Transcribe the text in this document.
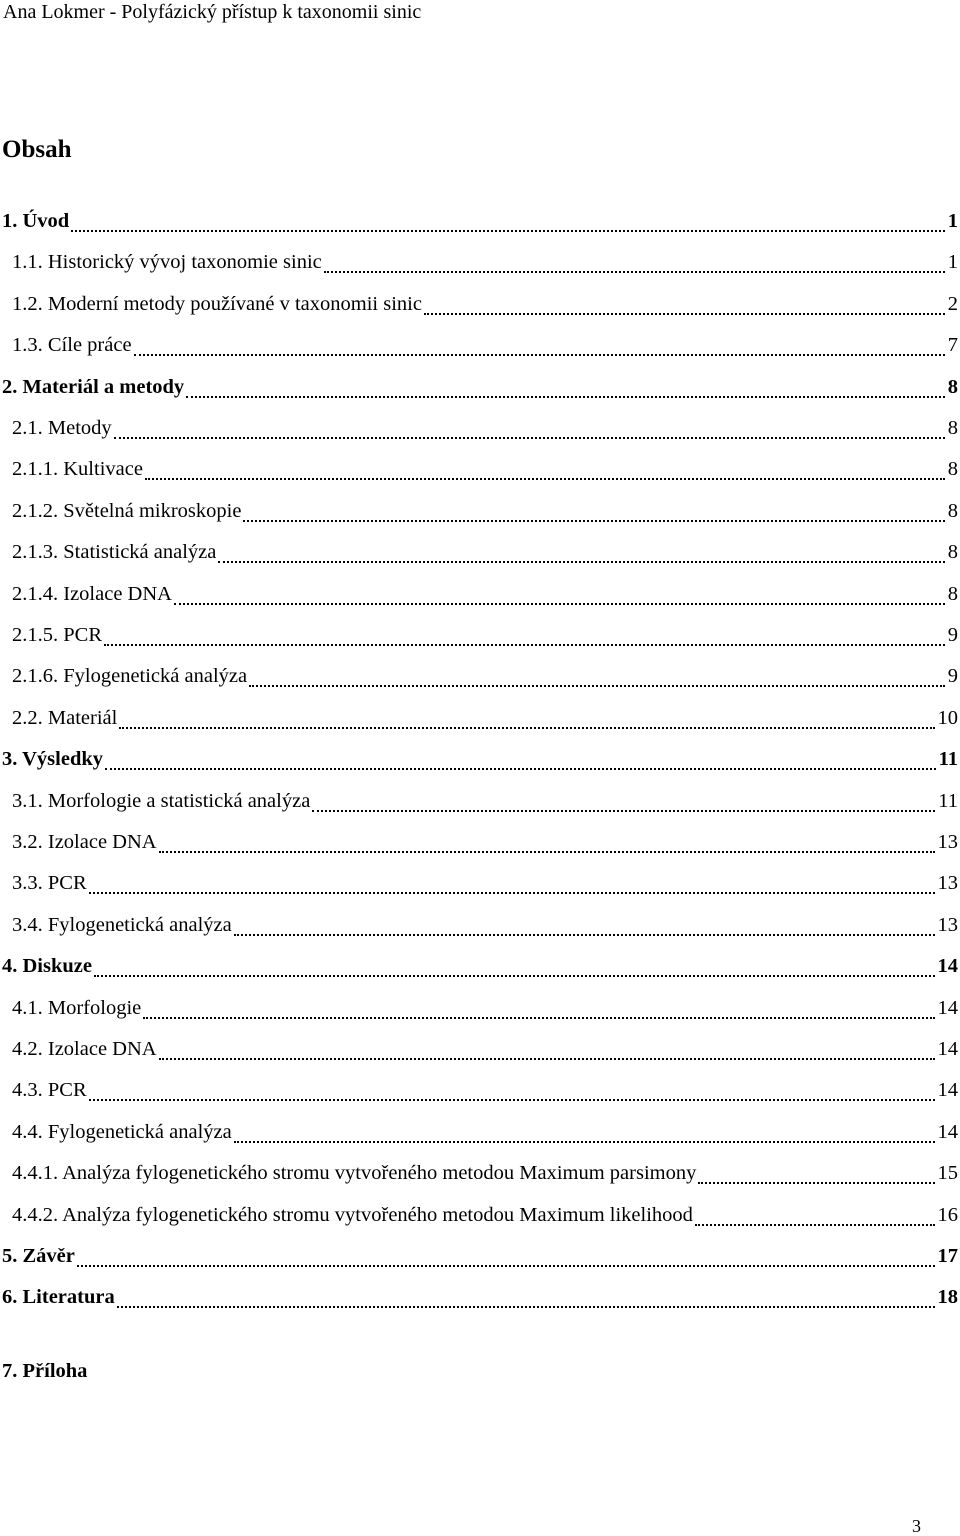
Ana Lokmer - Polyfázický přístup k taxonomii sinic
Obsah
1. Úvod	1
1.1. Historický vývoj taxonomie sinic	1
1.2. Moderní metody používané v taxonomii sinic	2
1.3. Cíle práce	7
2. Materiál a metody	8
2.1. Metody	8
2.1.1. Kultivace	8
2.1.2. Světelná mikroskopie	8
2.1.3. Statistická analýza	8
2.1.4. Izolace DNA	8
2.1.5. PCR	9
2.1.6. Fylogenetická analýza	9
2.2. Materiál	10
3. Výsledky	11
3.1. Morfologie a statistická analýza	11
3.2. Izolace DNA	13
3.3. PCR	13
3.4. Fylogenetická analýza	13
4. Diskuze	14
4.1. Morfologie	14
4.2. Izolace DNA	14
4.3. PCR	14
4.4. Fylogenetická analýza	14
4.4.1. Analýza fylogenetického stromu vytvořeného metodou Maximum parsimony	15
4.4.2. Analýza fylogenetického stromu vytvořeného metodou Maximum likelihood	16
5. Závěr	17
6. Literatura	18
7. Příloha
3
